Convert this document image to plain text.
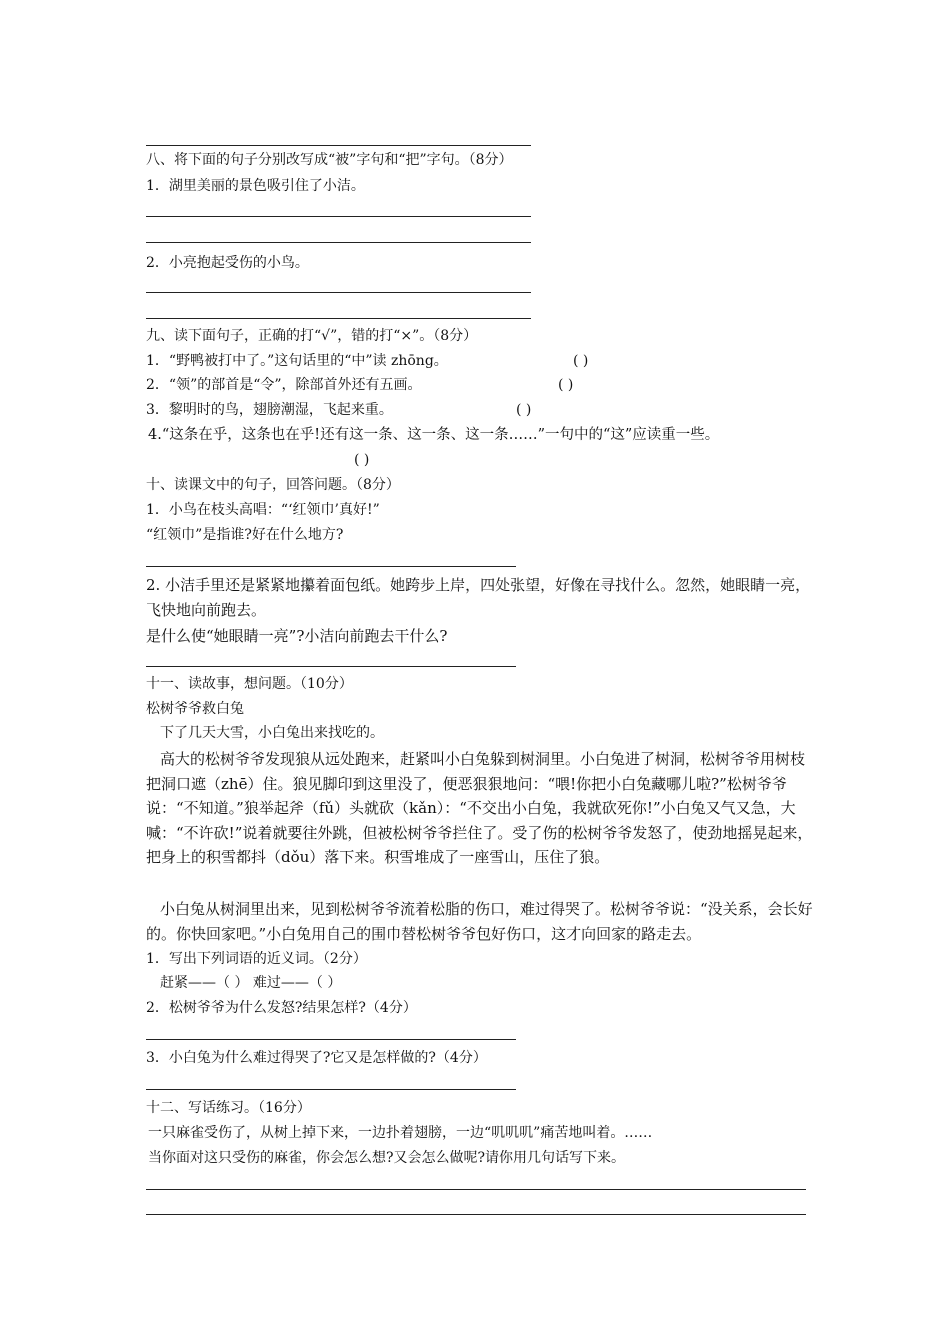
八、将下面的句子分别改写成“被”字句和“把”字句。（8分）
1．湖里美丽的景色吸引住了小洁。
2．小亮抱起受伤的小鸟。
九、读下面句子，正确的打“√”，错的打“×”。（8分）
1．“野鸭被打中了。”这句话里的“中”读 zhōng。	( )
2．“领”的部首是“令”，除部首外还有五画。	( )
3．黎明时的鸟，翅膀潮湿，飞起来重。	( )
4.“这条在乎，这条也在乎!还有这一条、这一条、这一条……”一句中的“这”应读重一些。
( )
十、读课文中的句子，回答问题。（8分）
1．小鸟在枝头高唱：“‘红领巾’真好!”
“红领巾”是指谁?好在什么地方?
2. 小洁手里还是紧紧地攥着面包纸。她跨步上岸，四处张望，好像在寻找什么。忽然，她眼睛一亮，飞快地向前跑去。
是什么使“她眼睛一亮”?小洁向前跑去干什么?
十一、读故事，想问题。（10分）
松树爷爷救白兔
下了几天大雪，小白兔出来找吃的。
高大的松树爷爷发现狼从远处跑来，赶紧叫小白兔躲到树洞里。小白兔进了树洞，松树爷爷用树枝把洞口遮（zhē）住。狼见脚印到这里没了，便恶狠狠地问：“喂!你把小白兔藏哪儿啦?”松树爷爷说：“不知道。”狼举起斧（fǔ）头就砍（kǎn）：“不交出小白兔，我就砍死你!”小白兔又气又急，大喊：“不许砍!”说着就要往外跳，但被松树爷爷拦住了。受了伤的松树爷爷发怒了，使劲地摇晃起来，把身上的积雪都抖（dǒu）落下来。积雪堆成了一座雪山，压住了狼。
小白兔从树洞里出来，见到松树爷爷流着松脂的伤口，难过得哭了。松树爷爷说：“没关系，会长好的。你快回家吧。”小白兔用自己的围巾替松树爷爷包好伤口，这才向回家的路走去。
1．写出下列词语的近义词。（2分）
赶紧——（ ） 难过——（ ）
2．松树爷爷为什么发怒?结果怎样?（4分）
3．小白兔为什么难过得哭了?它又是怎样做的?（4分）
十二、写话练习。（16分）
一只麻雀受伤了，从树上掉下来，一边扑着翅膀，一边“叽叽叽”痛苦地叫着。……
当你面对这只受伤的麻雀，你会怎么想?又会怎么做呢?请你用几句话写下来。
